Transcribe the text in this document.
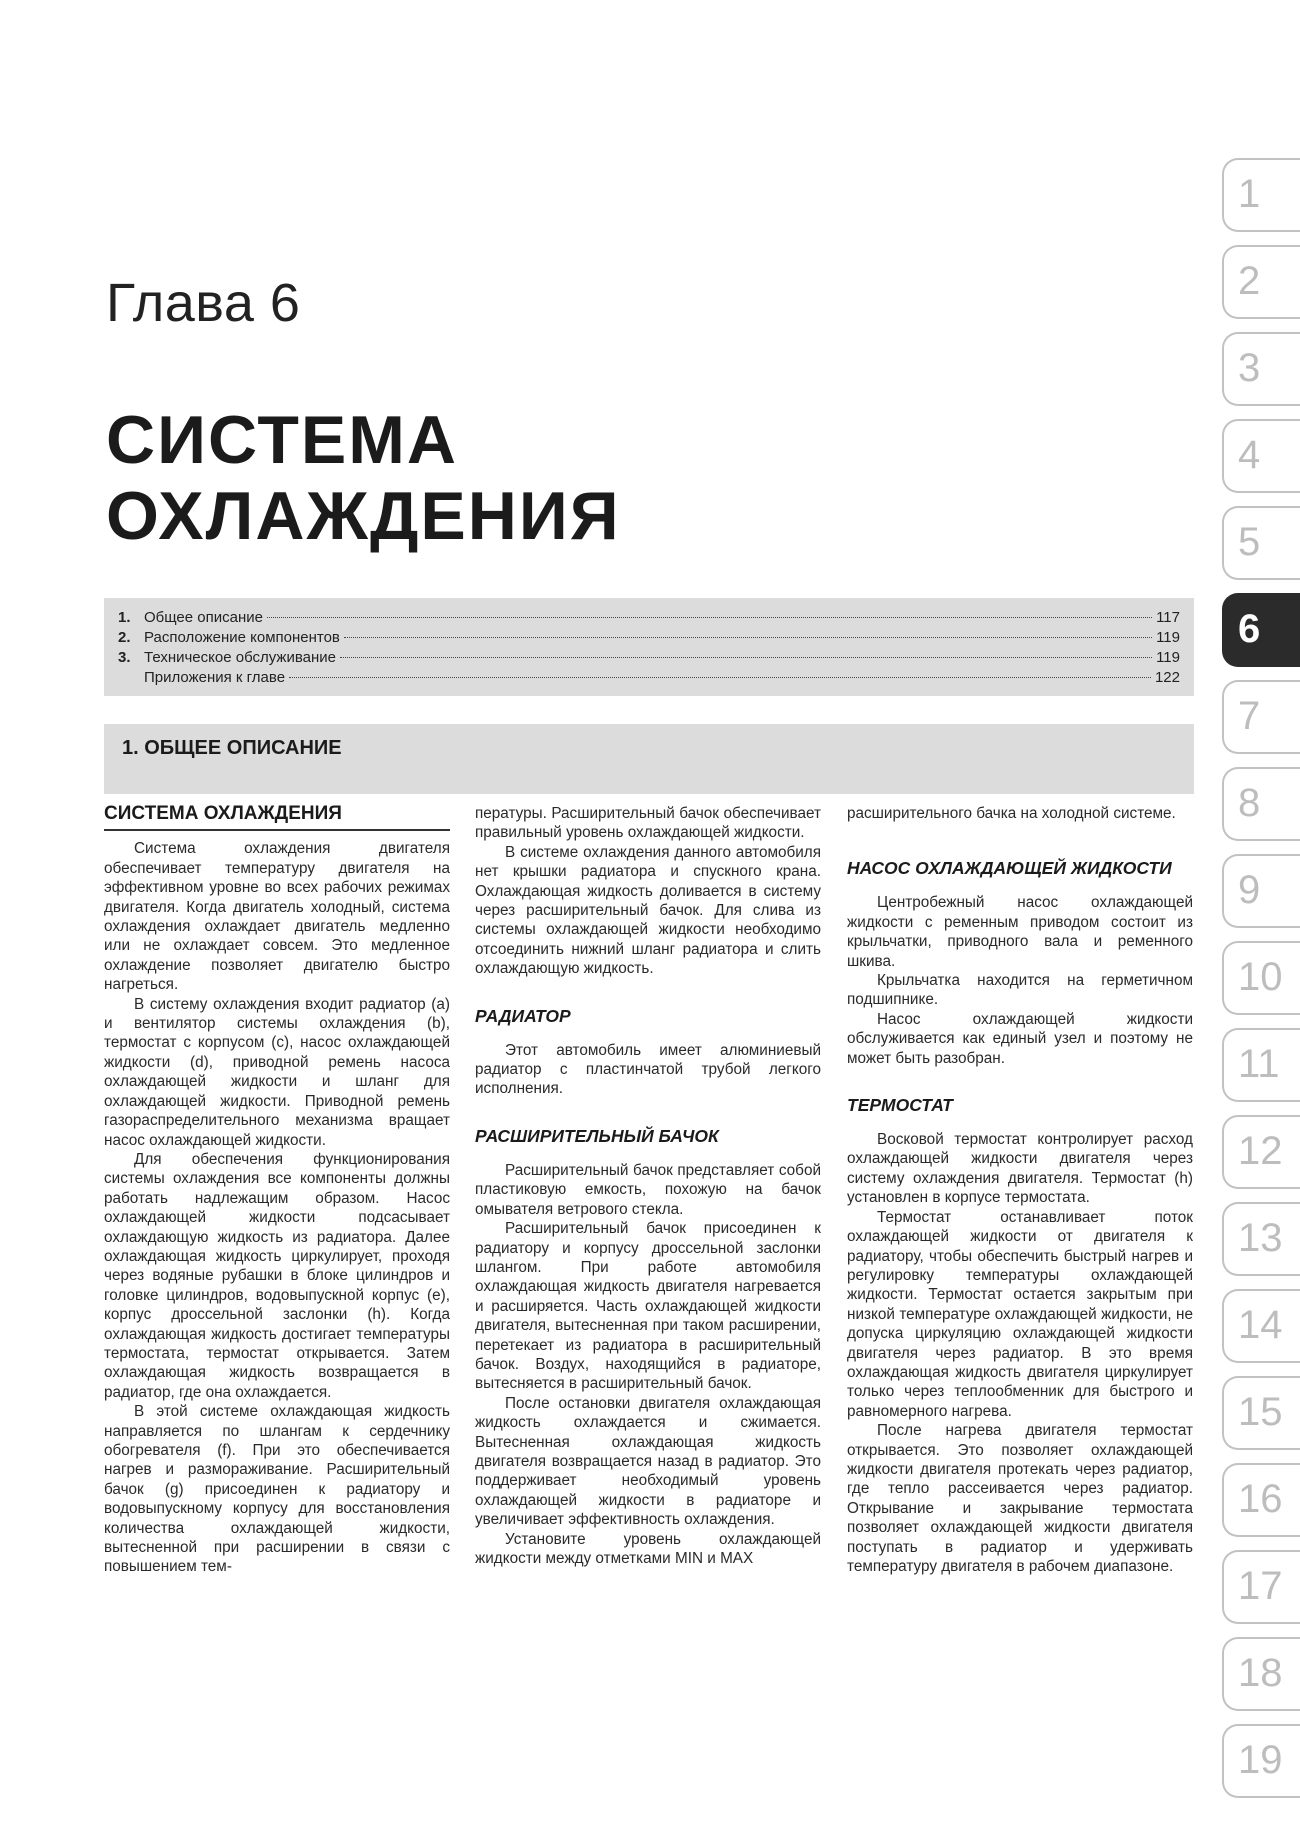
Глава 6
СИСТЕМА
ОХЛАЖДЕНИЯ
1. Общее описание	117
2. Расположение компонентов	119
3. Техническое обслуживание	119
Приложения к главе	122
1. ОБЩЕЕ ОПИСАНИЕ
СИСТЕМА ОХЛАЖДЕНИЯ

Система охлаждения двигателя обеспечивает температуру двигателя на эффективном уровне во всех рабочих режимах двигателя. Когда двигатель холодный, система охлаждения охлаждает двигатель медленно или не охлаждает совсем. Это медленное охлаждение позволяет двигателю быстро нагреться.

В систему охлаждения входит радиатор (a) и вентилятор системы охлаждения (b), термостат с корпусом (c), насос охлаждающей жидкости (d), приводной ремень насоса охлаждающей жидкости и шланг для охлаждающей жидкости. Приводной ремень газораспределительного механизма вращает насос охлаждающей жидкости.

Для обеспечения функционирования системы охлаждения все компоненты должны работать надлежащим образом. Насос охлаждающей жидкости подсасывает охлаждающую жидкость из радиатора. Далее охлаждающая жидкость циркулирует, проходя через водяные рубашки в блоке цилиндров и головке цилиндров, водовыпускной корпус (e), корпус дроссельной заслонки (h). Когда охлаждающая жидкость достигает температуры термостата, термостат открывается. Затем охлаждающая жидкость возвращается в радиатор, где она охлаждается.

В этой системе охлаждающая жидкость направляется по шлангам к сердечнику обогревателя (f). При это обеспечивается нагрев и размораживание. Расширительный бачок (g) присоединен к радиатору и водовыпускному корпусу для восстановления количества охлаждающей жидкости, вытесненной при расширении в связи с повышением тем-

пературы. Расширительный бачок обеспечивает правильный уровень охлаждающей жидкости.

В системе охлаждения данного автомобиля нет крышки радиатора и спускного крана. Охлаждающая жидкость доливается в систему через расширительный бачок. Для слива из системы охлаждающей жидкости необходимо отсоединить нижний шланг радиатора и слить охлаждающую жидкость.

РАДИАТОР

Этот автомобиль имеет алюминиевый радиатор с пластинчатой трубой легкого исполнения.

РАСШИРИТЕЛЬНЫЙ БАЧОК

Расширительный бачок представляет собой пластиковую емкость, похожую на бачок омывателя ветрового стекла.

Расширительный бачок присоединен к радиатору и корпусу дроссельной заслонки шлангом. При работе автомобиля охлаждающая жидкость двигателя нагревается и расширяется. Часть охлаждающей жидкости двигателя, вытесненная при таком расширении, перетекает из радиатора в расширительный бачок. Воздух, находящийся в радиаторе, вытесняется в расширительный бачок.

После остановки двигателя охлаждающая жидкость охлаждается и сжимается. Вытесненная охлаждающая жидкость двигателя возвращается назад в радиатор. Это поддерживает необходимый уровень охлаждающей жидкости в радиаторе и увеличивает эффективность охлаждения.

Установите уровень охлаждающей жидкости между отметками MIN и MAX

расширительного бачка на холодной системе.

НАСОС ОХЛАЖДАЮЩЕЙ ЖИДКОСТИ

Центробежный насос охлаждающей жидкости с ременным приводом состоит из крыльчатки, приводного вала и ременного шкива.

Крыльчатка находится на герметичном подшипнике.

Насос охлаждающей жидкости обслуживается как единый узел и поэтому не может быть разобран.

ТЕРМОСТАТ

Восковой термостат контролирует расход охлаждающей жидкости двигателя через систему охлаждения двигателя. Термостат (h) установлен в корпусе термостата.

Термостат останавливает поток охлаждающей жидкости от двигателя к радиатору, чтобы обеспечить быстрый нагрев и регулировку температуры охлаждающей жидкости. Термостат остается закрытым при низкой температуре охлаждающей жидкости, не допуска циркуляцию охлаждающей жидкости двигателя через радиатор. В это время охлаждающая жидкость двигателя циркулирует только через теплообменник для быстрого и равномерного нагрева.

После нагрева двигателя термостат открывается. Это позволяет охлаждающей жидкости двигателя протекать через радиатор, где тепло рассеивается через радиатор. Открывание и закрывание термостата позволяет охлаждающей жидкости двигателя поступать в радиатор и удерживать температуру двигателя в рабочем диапазоне.

1
2
3
4
5
6
7
8
9
10
11
12
13
14
15
16
17
18
19
